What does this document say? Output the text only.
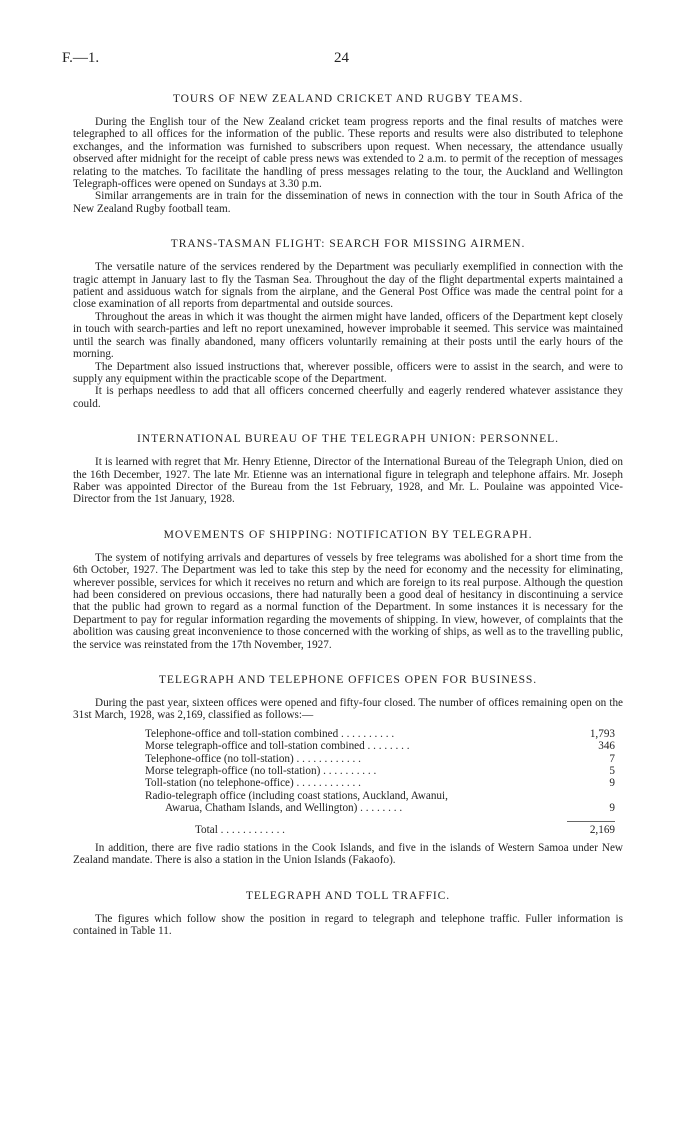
F.—1.	24
TOURS OF NEW ZEALAND CRICKET AND RUGBY TEAMS.

During the English tour of the New Zealand cricket team progress reports and the final results of matches were telegraphed to all offices for the information of the public. These reports and results were also distributed to telephone exchanges, and the information was furnished to subscribers upon request. When necessary, the attendance usually observed after midnight for the receipt of cable press news was extended to 2 a.m. to permit of the reception of messages relating to the matches. To facilitate the handling of press messages relating to the tour, the Auckland and Wellington Telegraph-offices were opened on Sundays at 3.30 p.m.

Similar arrangements are in train for the dissemination of news in connection with the tour in South Africa of the New Zealand Rugby football team.

TRANS-TASMAN FLIGHT: SEARCH FOR MISSING AIRMEN.

The versatile nature of the services rendered by the Department was peculiarly exemplified in connection with the tragic attempt in January last to fly the Tasman Sea. Throughout the day of the flight departmental experts maintained a patient and assiduous watch for signals from the airplane, and the General Post Office was made the central point for a close examination of all reports from departmental and outside sources.

Throughout the areas in which it was thought the airmen might have landed, officers of the Department kept closely in touch with search-parties and left no report unexamined, however improbable it seemed. This service was maintained until the search was finally abandoned, many officers voluntarily remaining at their posts until the early hours of the morning.

The Department also issued instructions that, wherever possible, officers were to assist in the search, and were to supply any equipment within the practicable scope of the Department.

It is perhaps needless to add that all officers concerned cheerfully and eagerly rendered whatever assistance they could.

INTERNATIONAL BUREAU OF THE TELEGRAPH UNION: PERSONNEL.

It is learned with regret that Mr. Henry Etienne, Director of the International Bureau of the Telegraph Union, died on the 16th December, 1927. The late Mr. Etienne was an international figure in telegraph and telephone affairs. Mr. Joseph Raber was appointed Director of the Bureau from the 1st February, 1928, and Mr. L. Poulaine was appointed Vice-Director from the 1st January, 1928.

MOVEMENTS OF SHIPPING: NOTIFICATION BY TELEGRAPH.

The system of notifying arrivals and departures of vessels by free telegrams was abolished for a short time from the 6th October, 1927. The Department was led to take this step by the need for economy and the necessity for eliminating, wherever possible, services for which it receives no return and which are foreign to its real purpose. Although the question had been considered on previous occasions, there had naturally been a good deal of hesitancy in discontinuing a service that the public had grown to regard as a normal function of the Department. In some instances it is necessary for the Department to pay for regular information regarding the movements of shipping. In view, however, of complaints that the abolition was causing great inconvenience to those concerned with the working of ships, as well as to the travelling public, the service was reinstated from the 17th November, 1927.

TELEGRAPH AND TELEPHONE OFFICES OPEN FOR BUSINESS.

During the past year, sixteen offices were opened and fifty-four closed. The number of offices remaining open on the 31st March, 1928, was 2,169, classified as follows:—

Telephone-office and toll-station combined . . . . . . . . . .	1,793
Morse telegraph-office and toll-station combined . . . . . . . .	346
Telephone-office (no toll-station) . . . . . . . . . . . .	7
Morse telegraph-office (no toll-station) . . . . . . . . . .	5
Toll-station (no telephone-office) . . . . . . . . . . . .	9
Radio-telegraph office (including coast stations, Auckland, Awanui,
Awarua, Chatham Islands, and Wellington) . . . . . . . .	9
Total . . . . . . . . . . . .	2,169

In addition, there are five radio stations in the Cook Islands, and five in the islands of Western Samoa under New Zealand mandate. There is also a station in the Union Islands (Fakaofo).

TELEGRAPH AND TOLL TRAFFIC.

The figures which follow show the position in regard to telegraph and telephone traffic. Fuller information is contained in Table 11.
